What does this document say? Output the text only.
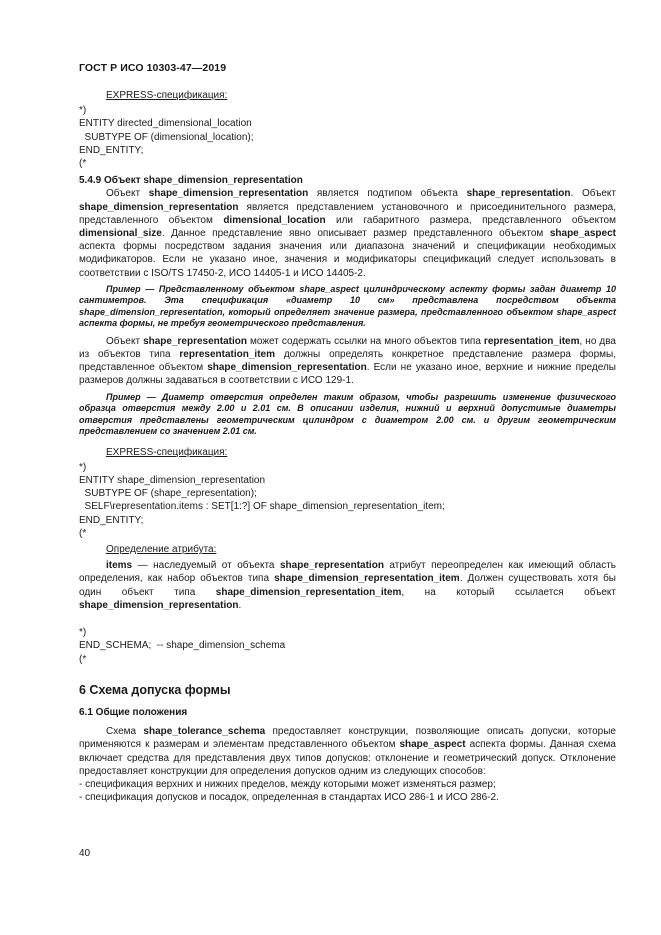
ГОСТ Р ИСО 10303-47—2019

EXPRESS-спецификация:

*)
ENTITY directed_dimensional_location
SUBTYPE OF (dimensional_location);
END_ENTITY;
(*

5.4.9 Объект shape_dimension_representation

Объект shape_dimension_representation является подтипом объекта shape_representation. Объект shape_dimension_representation является представлением установочного и присоединительного размера, представленного объектом dimensional_location или габаритного размера, представленного объектом dimensional_size. Данное представление явно описывает размер представленного объектом shape_aspect аспекта формы посредством задания значения или диапазона значений и спецификации необходимых модификаторов. Если не указано иное, значения и модификаторы спецификаций следует использовать в соответствии с ISO/TS 17450-2, ИСО 14405-1 и ИСО 14405-2.

Пример — Представленному объектом shape_aspect цилиндрическому аспекту формы задан диаметр 10 сантиметров. Эта спецификация «диаметр 10 см» представлена посредством объекта shape_dimension_representation, который определяет значение размера, представленного объектом shape_aspect аспекта формы, не требуя геометрического представления.

Объект shape_representation может содержать ссылки на много объектов типа representation_item, но два из объектов типа representation_item должны определять конкретное представление размера формы, представленное объектом shape_dimension_representation. Если не указано иное, верхние и нижние пределы размеров должны задаваться в соответствии с ИСО 129-1.

Пример — Диаметр отверстия определен таким образом, чтобы разрешить изменение физического образца отверстия между 2.00 и 2.01 см. В описании изделия, нижний и верхний допустимые диаметры отверстия представлены геометрическим цилиндром с диаметром 2.00 см. и другим геометрическим представлением со значением 2.01 см.

EXPRESS-спецификация:

*)
ENTITY shape_dimension_representation
SUBTYPE OF (shape_representation);
SELF\representation.items : SET[1:?] OF shape_dimension_representation_item;
END_ENTITY;
(*

Определение атрибута:

items — наследуемый от объекта shape_representation атрибут переопределен как имеющий область определения, как набор объектов типа shape_dimension_representation_item. Должен существовать хотя бы один объект типа shape_dimension_representation_item, на который ссылается объект shape_dimension_representation.

*)
END_SCHEMA;  -- shape_dimension_schema
(*

6 Схема допуска формы

6.1 Общие положения

Схема shape_tolerance_schema предоставляет конструкции, позволяющие описать допуски, которые применяются к размерам и элементам представленного объектом shape_aspect аспекта формы. Данная схема включает средства для представления двух типов допусков: отклонение и геометрический допуск. Отклонение предоставляет конструкции для определения допусков одним из следующих способов:

- спецификация верхних и нижних пределов, между которыми может изменяться размер;

- спецификация допусков и посадок, определенная в стандартах ИСО 286-1 и ИСО 286-2.

40
